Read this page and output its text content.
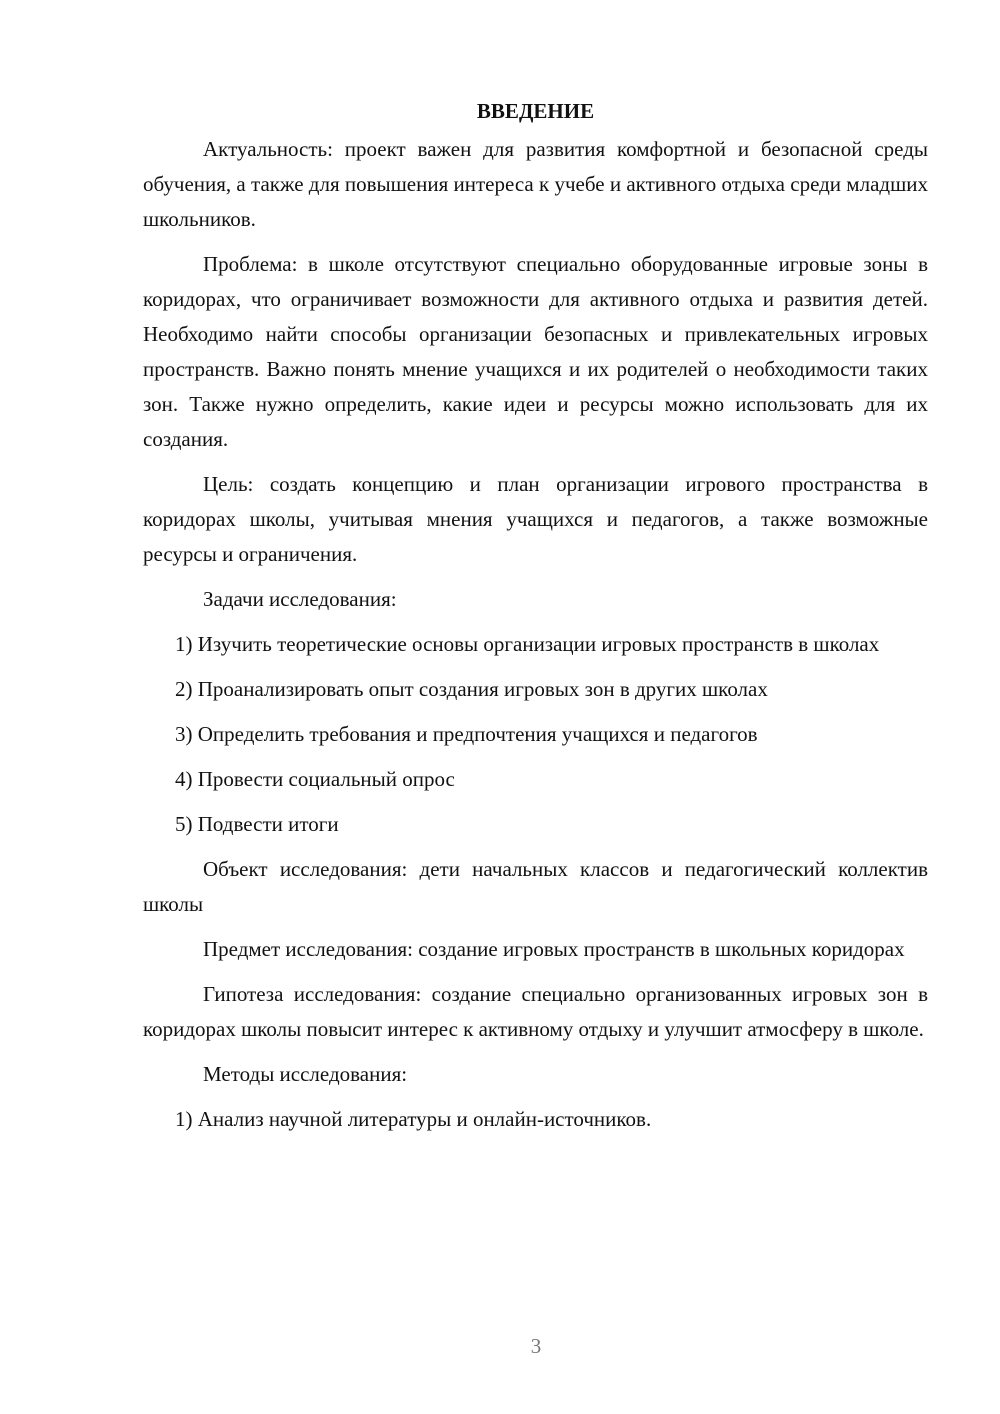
ВВЕДЕНИЕ

Актуальность: проект важен для развития комфортной и безопасной среды обучения, а также для повышения интереса к учебе и активного отдыха среди младших школьников.

Проблема: в школе отсутствуют специально оборудованные игровые зоны в коридорах, что ограничивает возможности для активного отдыха и развития детей. Необходимо найти способы организации безопасных и привлекательных игровых пространств. Важно понять мнение учащихся и их родителей о необходимости таких зон. Также нужно определить, какие идеи и ресурсы можно использовать для их создания.

Цель: создать концепцию и план организации игрового пространства в коридорах школы, учитывая мнения учащихся и педагогов, а также возможные ресурсы и ограничения.

Задачи исследования:

1) Изучить теоретические основы организации игровых пространств в школах

2) Проанализировать опыт создания игровых зон в других школах

3) Определить требования и предпочтения учащихся и педагогов

4) Провести социальный опрос

5) Подвести итоги

Объект исследования: дети начальных классов и педагогический коллектив школы

Предмет исследования: создание игровых пространств в школьных коридорах

Гипотеза исследования: создание специально организованных игровых зон в коридорах школы повысит интерес к активному отдыху и улучшит атмосферу в школе.

Методы исследования:

1) Анализ научной литературы и онлайн-источников.

3
